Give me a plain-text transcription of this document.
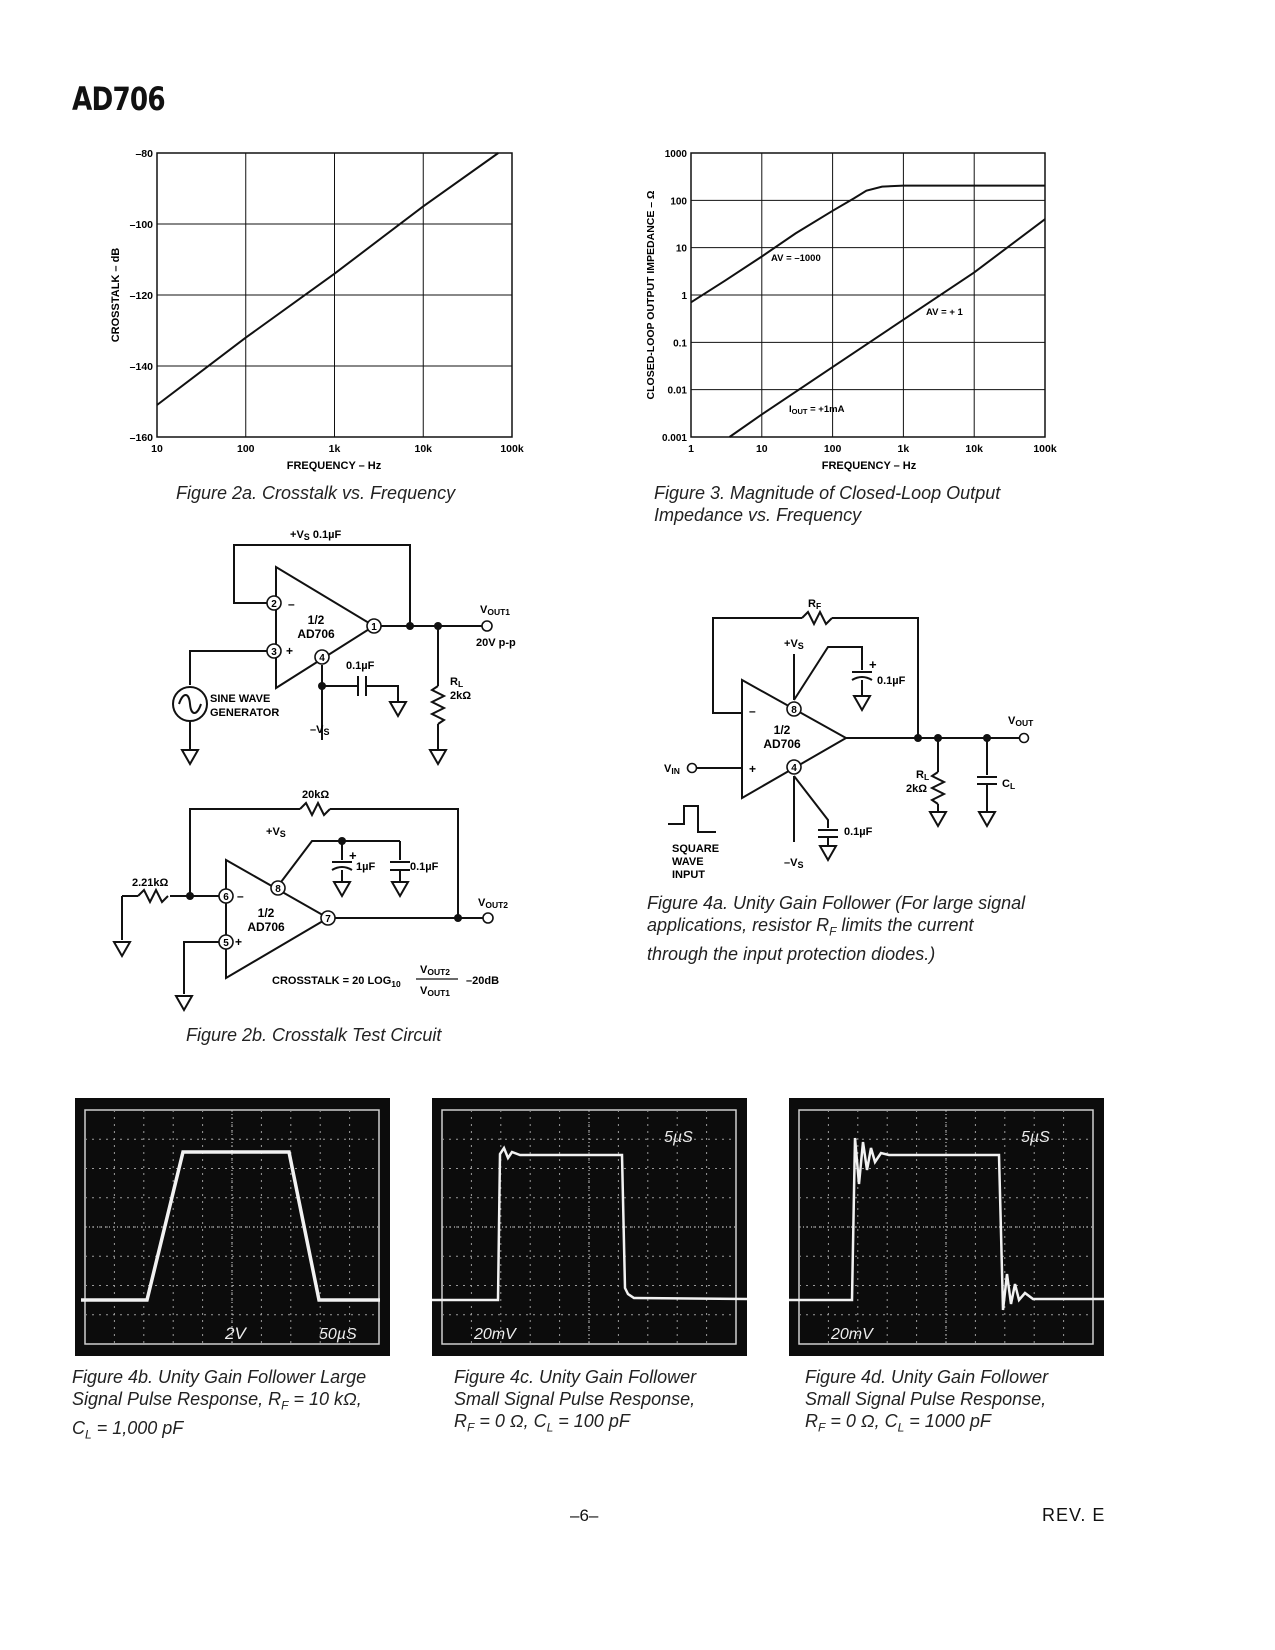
AD706
10	100	1k	10k	100k
–80
–100
–120
–140
–160
FREQUENCY – Hz
CROSSTALK – dB
Figure 2a. Crosstalk vs. Frequency
1	10	100	1k	10k	100k
1000
100
10
1
0.1
0.01
0.001
FREQUENCY – Hz
CLOSED-LOOP OUTPUT IMPEDANCE – Ω	AV = –1000
AV = + 1
$I_{OUT} = +1mA$
Figure 3. Magnitude of Closed-Loop Output
Impedance vs. Frequency
2
3
1
4
6
5
7
8
–
+
1/2
AD706
1/2
AD706
–
+
+VS 0.1µF
VOUT1
20V p-p
0.1µF
RL
2kΩ
SINE WAVE
GENERATOR
–VS
20kΩ
+VS
+
1µF	0.1µF
2.21kΩ
VOUT2
CROSSTALK = 20 $LOG_{10}$
VOUT2
VOUT1
–20dB
Figure 2b. Crosstalk Test Circuit
8
4
–
+
1/2
AD706
RF
+VS
+
0.1µF
VOUT
VIN	RL
2kΩ	CL
0.1µF
–VS
SQUARE
WAVE
INPUT
Figure 4a. Unity Gain Follower (For large signal
applications, resistor $R_F$ limits the current
through the input protection diodes.)
2V	50µS	20mV
5µS
20mV
5µS
Figure 4b. Unity Gain Follower Large
Signal Pulse Response, $R_F = 10$ kΩ,
$C_L = 1,000$ pF
Figure 4c. Unity Gain Follower
Small Signal Pulse Response,
$R_F = 0$ Ω, $C_L = 100$ pF
Figure 4d. Unity Gain Follower
Small Signal Pulse Response,
$R_F = 0$ Ω, $C_L = 1000$ pF
–6–	REV. E
